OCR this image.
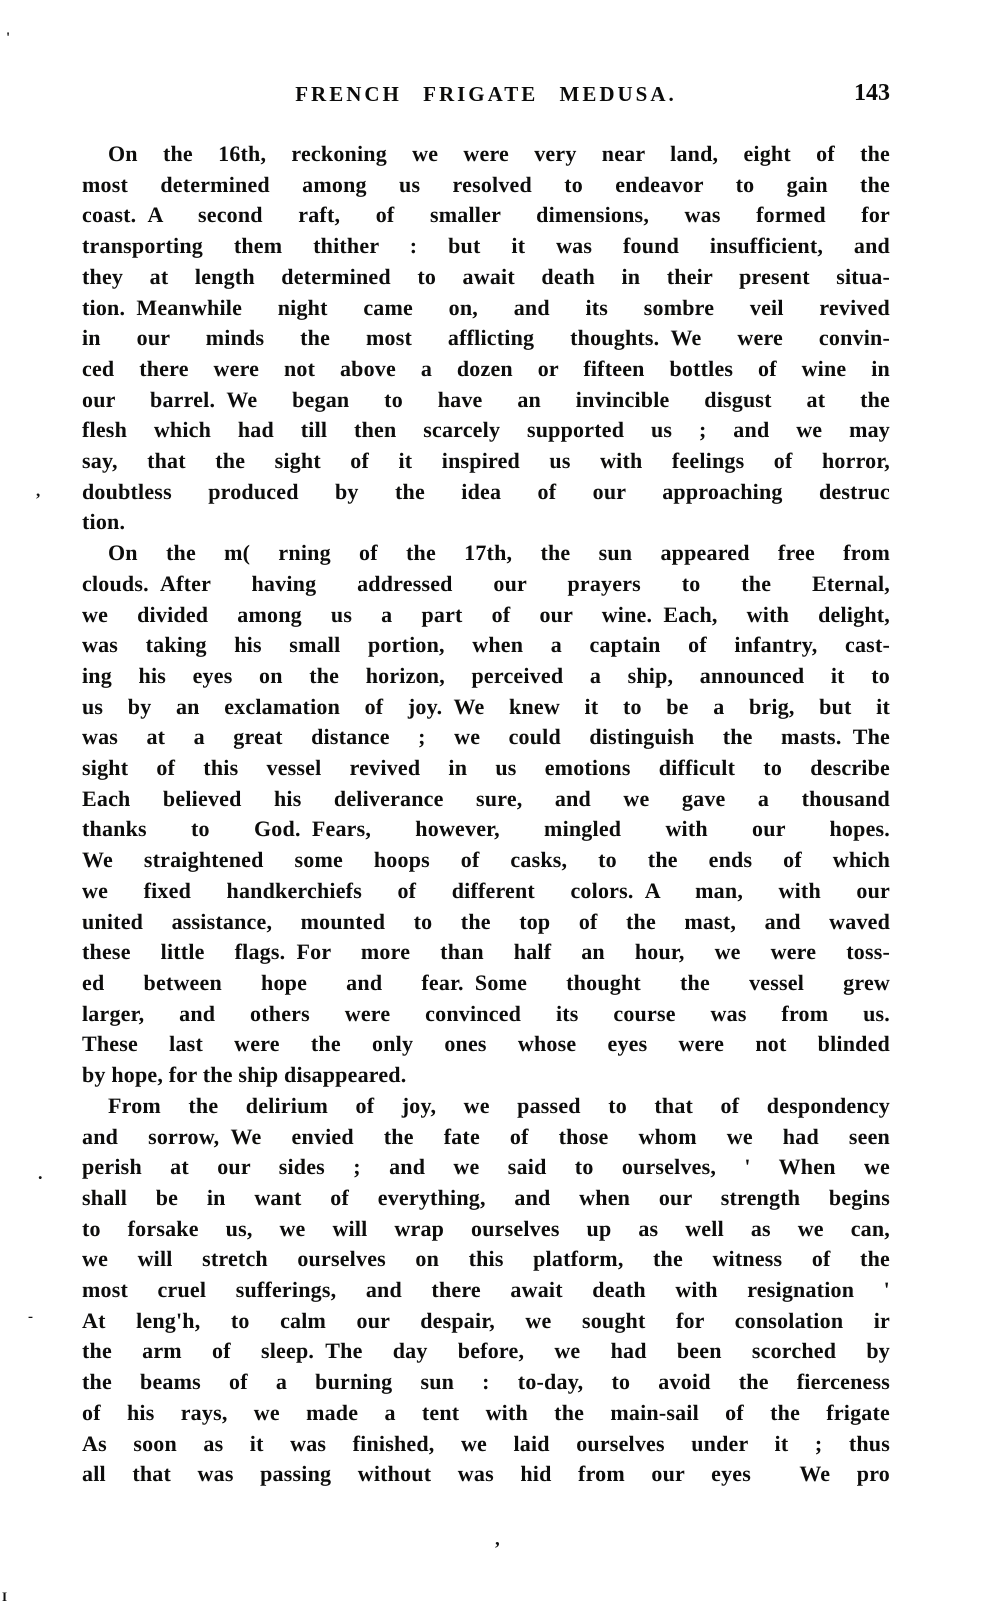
FRENCH FRIGATE MEDUSA.	143
On the 16th, reckoning we were very near land, eight of the
most determined among us resolved to endeavor to gain the
coast. A second raft, of smaller dimensions, was formed for
transporting them thither : but it was found insufficient, and
they at length determined to await death in their present situa-
tion. Meanwhile night came on, and its sombre veil revived
in our minds the most afflicting thoughts. We were convin-
ced there were not above a dozen or fifteen bottles of wine in
our barrel. We began to have an invincible disgust at the
flesh which had till then scarcely supported us ; and we may
say, that the sight of it inspired us with feelings of horror,
doubtless produced by the idea of our approaching destruc
tion.
On the m( rning of the 17th, the sun appeared free from
clouds. After having addressed our prayers to the Eternal,
we divided among us a part of our wine. Each, with delight,
was taking his small portion, when a captain of infantry, cast-
ing his eyes on the horizon, perceived a ship, announced it to
us by an exclamation of joy. We knew it to be a brig, but it
was at a great distance ; we could distinguish the masts. The
sight of this vessel revived in us emotions difficult to describe
Each believed his deliverance sure, and we gave a thousand
thanks to God. Fears, however, mingled with our hopes.
We straightened some hoops of casks, to the ends of which
we fixed handkerchiefs of different colors. A man, with our
united assistance, mounted to the top of the mast, and waved
these little flags. For more than half an hour, we were toss-
ed between hope and fear. Some thought the vessel grew
larger, and others were convinced its course was from us.
These last were the only ones whose eyes were not blinded
by hope, for the ship disappeared.
From the delirium of joy, we passed to that of despondency
and sorrow, We envied the fate of those whom we had seen
perish at our sides ; and we said to ourselves, ' When we
shall be in want of everything, and when our strength begins
to forsake us, we will wrap ourselves up as well as we can,
we will stretch ourselves on this platform, the witness of the
most cruel sufferings, and there await death with resignation '
At leng'h, to calm our despair, we sought for consolation ir
the arm of sleep. The day before, we had been scorched by
the beams of a burning sun : to-day, to avoid the fierceness
of his rays, we made a tent with the main-sail of the frigate
As soon as it was finished, we laid ourselves under it ; thus
all that was passing without was hid from our eyes  We pro
'
,
.
-
,
I
